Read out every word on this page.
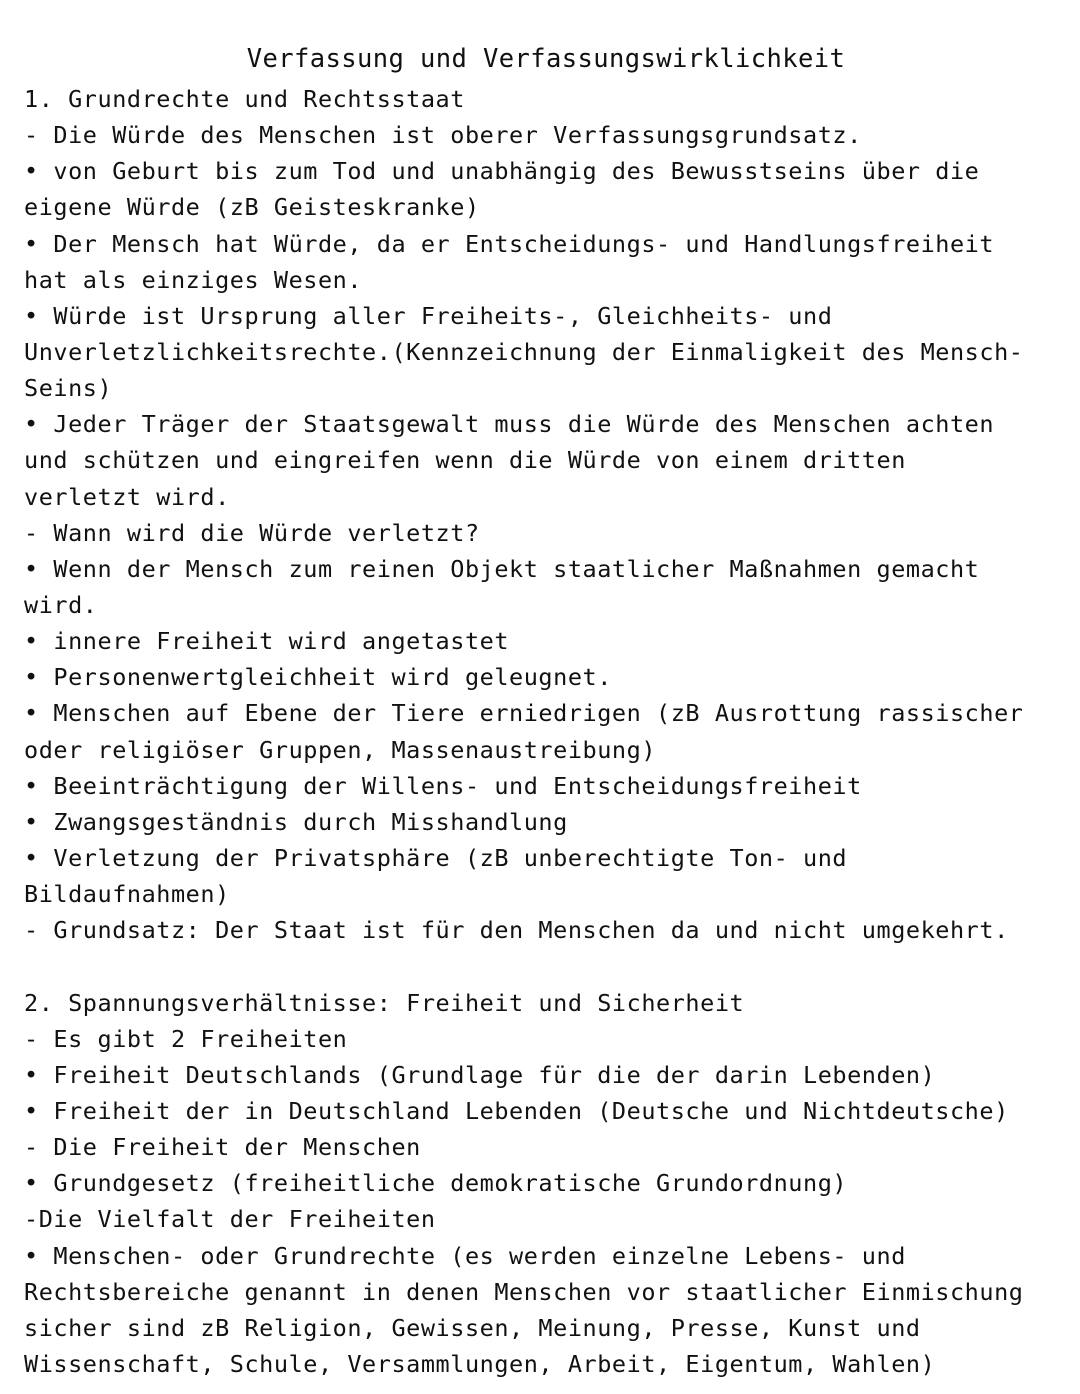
Verfassung und Verfassungswirklichkeit
1. Grundrechte und Rechtsstaat
- Die Würde des Menschen ist oberer Verfassungsgrundsatz.
• von Geburt bis zum Tod und unabhängig des Bewusstseins über die
eigene Würde (zB Geisteskranke)
• Der Mensch hat Würde, da er Entscheidungs- und Handlungsfreiheit
hat als einziges Wesen.
• Würde ist Ursprung aller Freiheits-, Gleichheits- und
Unverletzlichkeitsrechte.(Kennzeichnung der Einmaligkeit des Mensch-
Seins)
• Jeder Träger der Staatsgewalt muss die Würde des Menschen achten
und schützen und eingreifen wenn die Würde von einem dritten
verletzt wird.
- Wann wird die Würde verletzt?
• Wenn der Mensch zum reinen Objekt staatlicher Maßnahmen gemacht
wird.
• innere Freiheit wird angetastet
• Personenwertgleichheit wird geleugnet.
• Menschen auf Ebene der Tiere erniedrigen (zB Ausrottung rassischer
oder religiöser Gruppen, Massenaustreibung)
• Beeinträchtigung der Willens- und Entscheidungsfreiheit
• Zwangsgeständnis durch Misshandlung
• Verletzung der Privatsphäre (zB unberechtigte Ton- und
Bildaufnahmen)
- Grundsatz: Der Staat ist für den Menschen da und nicht umgekehrt.
2. Spannungsverhältnisse: Freiheit und Sicherheit
- Es gibt 2 Freiheiten
• Freiheit Deutschlands (Grundlage für die der darin Lebenden)
• Freiheit der in Deutschland Lebenden (Deutsche und Nichtdeutsche)
- Die Freiheit der Menschen
• Grundgesetz (freiheitliche demokratische Grundordnung)
-Die Vielfalt der Freiheiten
• Menschen- oder Grundrechte (es werden einzelne Lebens- und
Rechtsbereiche genannt in denen Menschen vor staatlicher Einmischung
sicher sind zB Religion, Gewissen, Meinung, Presse, Kunst und
Wissenschaft, Schule, Versammlungen, Arbeit, Eigentum, Wahlen)
